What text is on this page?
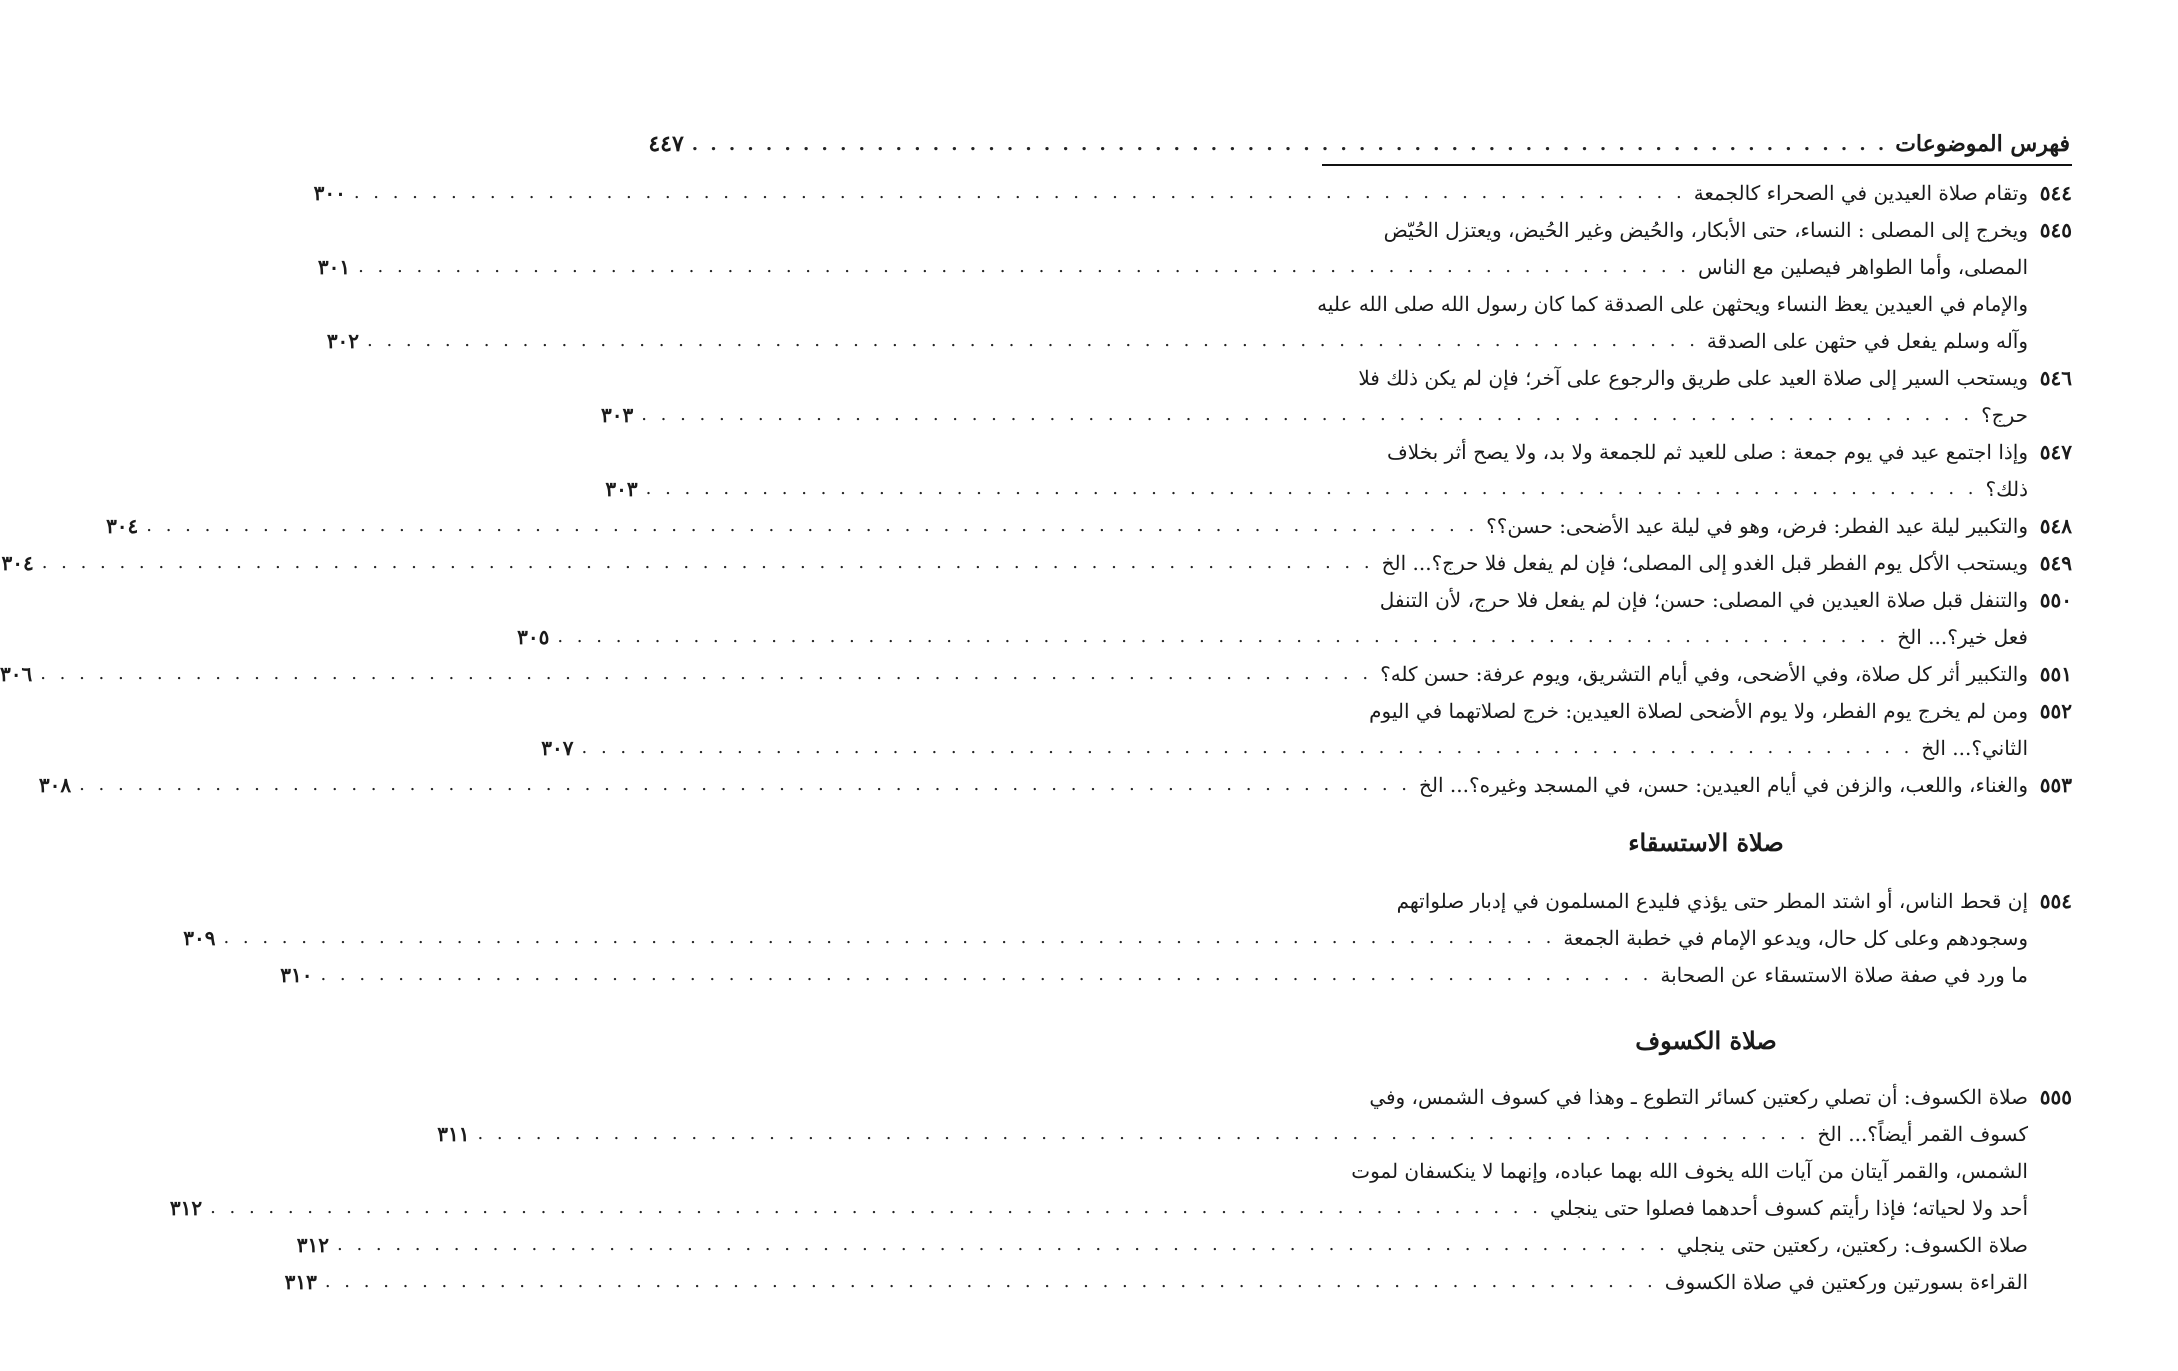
فهرس الموضوعات
. . . . . . . . . . . . . . . . . . . . . . . . . . . . . . . . . . . . . . . . . . . . . . . . . . . . . . . . . . . . . . . . .
٤٤٧
٥٤٤
وتقام صلاة العيدين في الصحراء كالجمعة
. . . . . . . . . . . . . . . . . . . . . . . . . . . . . . . . . . . . . . . . . . . . . . . . . . . . . . . . . . . . . . . . . . . . .
٣٠٠
٥٤٥
ويخرج إلى المصلى : النساء، حتى الأبكار، والحُيض وغير الحُيض، ويعتزل الحُيّض
المصلى، وأما الطواهر فيصلين مع الناس
. . . . . . . . . . . . . . . . . . . . . . . . . . . . . . . . . . . . . . . . . . . . . . . . . . . . . . . . . . . . . . . . . . . . .
٣٠١
والإمام في العيدين يعظ النساء ويحثهن على الصدقة كما كان رسول الله صلى الله عليه
وآله وسلم يفعل في حثهن على الصدقة
. . . . . . . . . . . . . . . . . . . . . . . . . . . . . . . . . . . . . . . . . . . . . . . . . . . . . . . . . . . . . . . . . . . . .
٣٠٢
٥٤٦
ويستحب السير إلى صلاة العيد على طريق والرجوع على آخر؛ فإن لم يكن ذلك فلا
حرج؟
. . . . . . . . . . . . . . . . . . . . . . . . . . . . . . . . . . . . . . . . . . . . . . . . . . . . . . . . . . . . . . . . . . . . .
٣٠٣
٥٤٧
وإذا اجتمع عيد في يوم جمعة : صلى للعيد ثم للجمعة ولا بد، ولا يصح أثر بخلاف
ذلك؟
. . . . . . . . . . . . . . . . . . . . . . . . . . . . . . . . . . . . . . . . . . . . . . . . . . . . . . . . . . . . . . . . . . . . .
٣٠٣
٥٤٨
والتكبير ليلة عيد الفطر: فرض، وهو في ليلة عيد الأضحى: حسن؟؟
. . . . . . . . . . . . . . . . . . . . . . . . . . . . . . . . . . . . . . . . . . . . . . . . . . . . . . . . . . . . . . . . . . . . .
٣٠٤
٥٤٩
ويستحب الأكل يوم الفطر قبل الغدو إلى المصلى؛ فإن لم يفعل فلا حرج؟... الخ
. . . . . . . . . . . . . . . . . . . . . . . . . . . . . . . . . . . . . . . . . . . . . . . . . . . . . . . . . . . . . . . . . . . . .
٣٠٤
٥٥٠
والتنفل قبل صلاة العيدين في المصلى: حسن؛ فإن لم يفعل فلا حرج، لأن التنفل
فعل خير؟... الخ
. . . . . . . . . . . . . . . . . . . . . . . . . . . . . . . . . . . . . . . . . . . . . . . . . . . . . . . . . . . . . . . . . . . . .
٣٠٥
٥٥١
والتكبير أثر كل صلاة، وفي الأضحى، وفي أيام التشريق، ويوم عرفة: حسن كله؟
. . . . . . . . . . . . . . . . . . . . . . . . . . . . . . . . . . . . . . . . . . . . . . . . . . . . . . . . . . . . . . . . . . . . .
٣٠٦
٥٥٢
ومن لم يخرج يوم الفطر، ولا يوم الأضحى لصلاة العيدين: خرج لصلاتهما في اليوم
الثاني؟... الخ
. . . . . . . . . . . . . . . . . . . . . . . . . . . . . . . . . . . . . . . . . . . . . . . . . . . . . . . . . . . . . . . . . . . . .
٣٠٧
٥٥٣
والغناء، واللعب، والزفن في أيام العيدين: حسن، في المسجد وغيره؟... الخ
. . . . . . . . . . . . . . . . . . . . . . . . . . . . . . . . . . . . . . . . . . . . . . . . . . . . . . . . . . . . . . . . . . . . .
٣٠٨
صلاة الاستسقاء
٥٥٤
إن قحط الناس، أو اشتد المطر حتى يؤذي فليدع المسلمون في إدبار صلواتهم
وسجودهم وعلى كل حال، ويدعو الإمام في خطبة الجمعة
. . . . . . . . . . . . . . . . . . . . . . . . . . . . . . . . . . . . . . . . . . . . . . . . . . . . . . . . . . . . . . . . . . . . .
٣٠٩
ما ورد في صفة صلاة الاستسقاء عن الصحابة
. . . . . . . . . . . . . . . . . . . . . . . . . . . . . . . . . . . . . . . . . . . . . . . . . . . . . . . . . . . . . . . . . . . . .
٣١٠
صلاة الكسوف
٥٥٥
صلاة الكسوف: أن تصلي ركعتين كسائر التطوع ـ وهذا في كسوف الشمس، وفي
كسوف القمر أيضاً؟... الخ
. . . . . . . . . . . . . . . . . . . . . . . . . . . . . . . . . . . . . . . . . . . . . . . . . . . . . . . . . . . . . . . . . . . . .
٣١١
الشمس، والقمر آيتان من آيات الله يخوف الله بهما عباده، وإنهما لا ينكسفان لموت
أحد ولا لحياته؛ فإذا رأيتم كسوف أحدهما فصلوا حتى ينجلي
. . . . . . . . . . . . . . . . . . . . . . . . . . . . . . . . . . . . . . . . . . . . . . . . . . . . . . . . . . . . . . . . . . . . .
٣١٢
صلاة الكسوف: ركعتين، ركعتين حتى ينجلي
. . . . . . . . . . . . . . . . . . . . . . . . . . . . . . . . . . . . . . . . . . . . . . . . . . . . . . . . . . . . . . . . . . . . .
٣١٢
القراءة بسورتين وركعتين في صلاة الكسوف
. . . . . . . . . . . . . . . . . . . . . . . . . . . . . . . . . . . . . . . . . . . . . . . . . . . . . . . . . . . . . . . . . . . . .
٣١٣
